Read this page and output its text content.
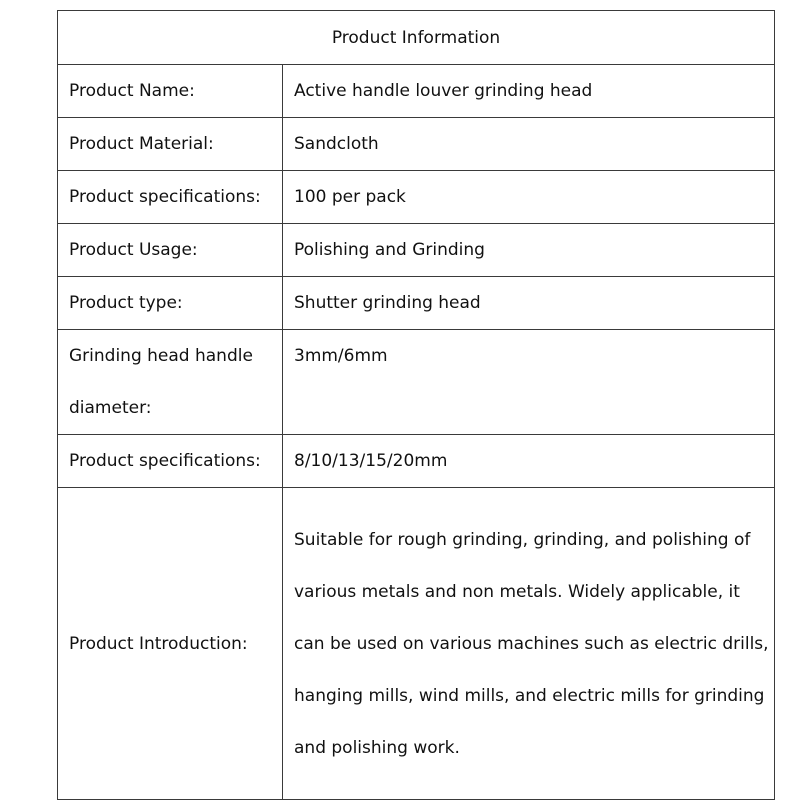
Product Information	
Product Name:	Active handle louver grinding head
Product Material:	Sandcloth
Product specifications:	100 per pack
Product Usage:	Polishing and Grinding
Product type:	Shutter grinding head
Grinding head handle diameter:	3mm/6mm
Product specifications:	8/10/13/15/20mm
Product Introduction:	Suitable for rough grinding, grinding, and polishing of various metals and non metals. Widely applicable, it can be used on various machines such as electric drills, hanging mills, wind mills, and electric mills for grinding and polishing work.
